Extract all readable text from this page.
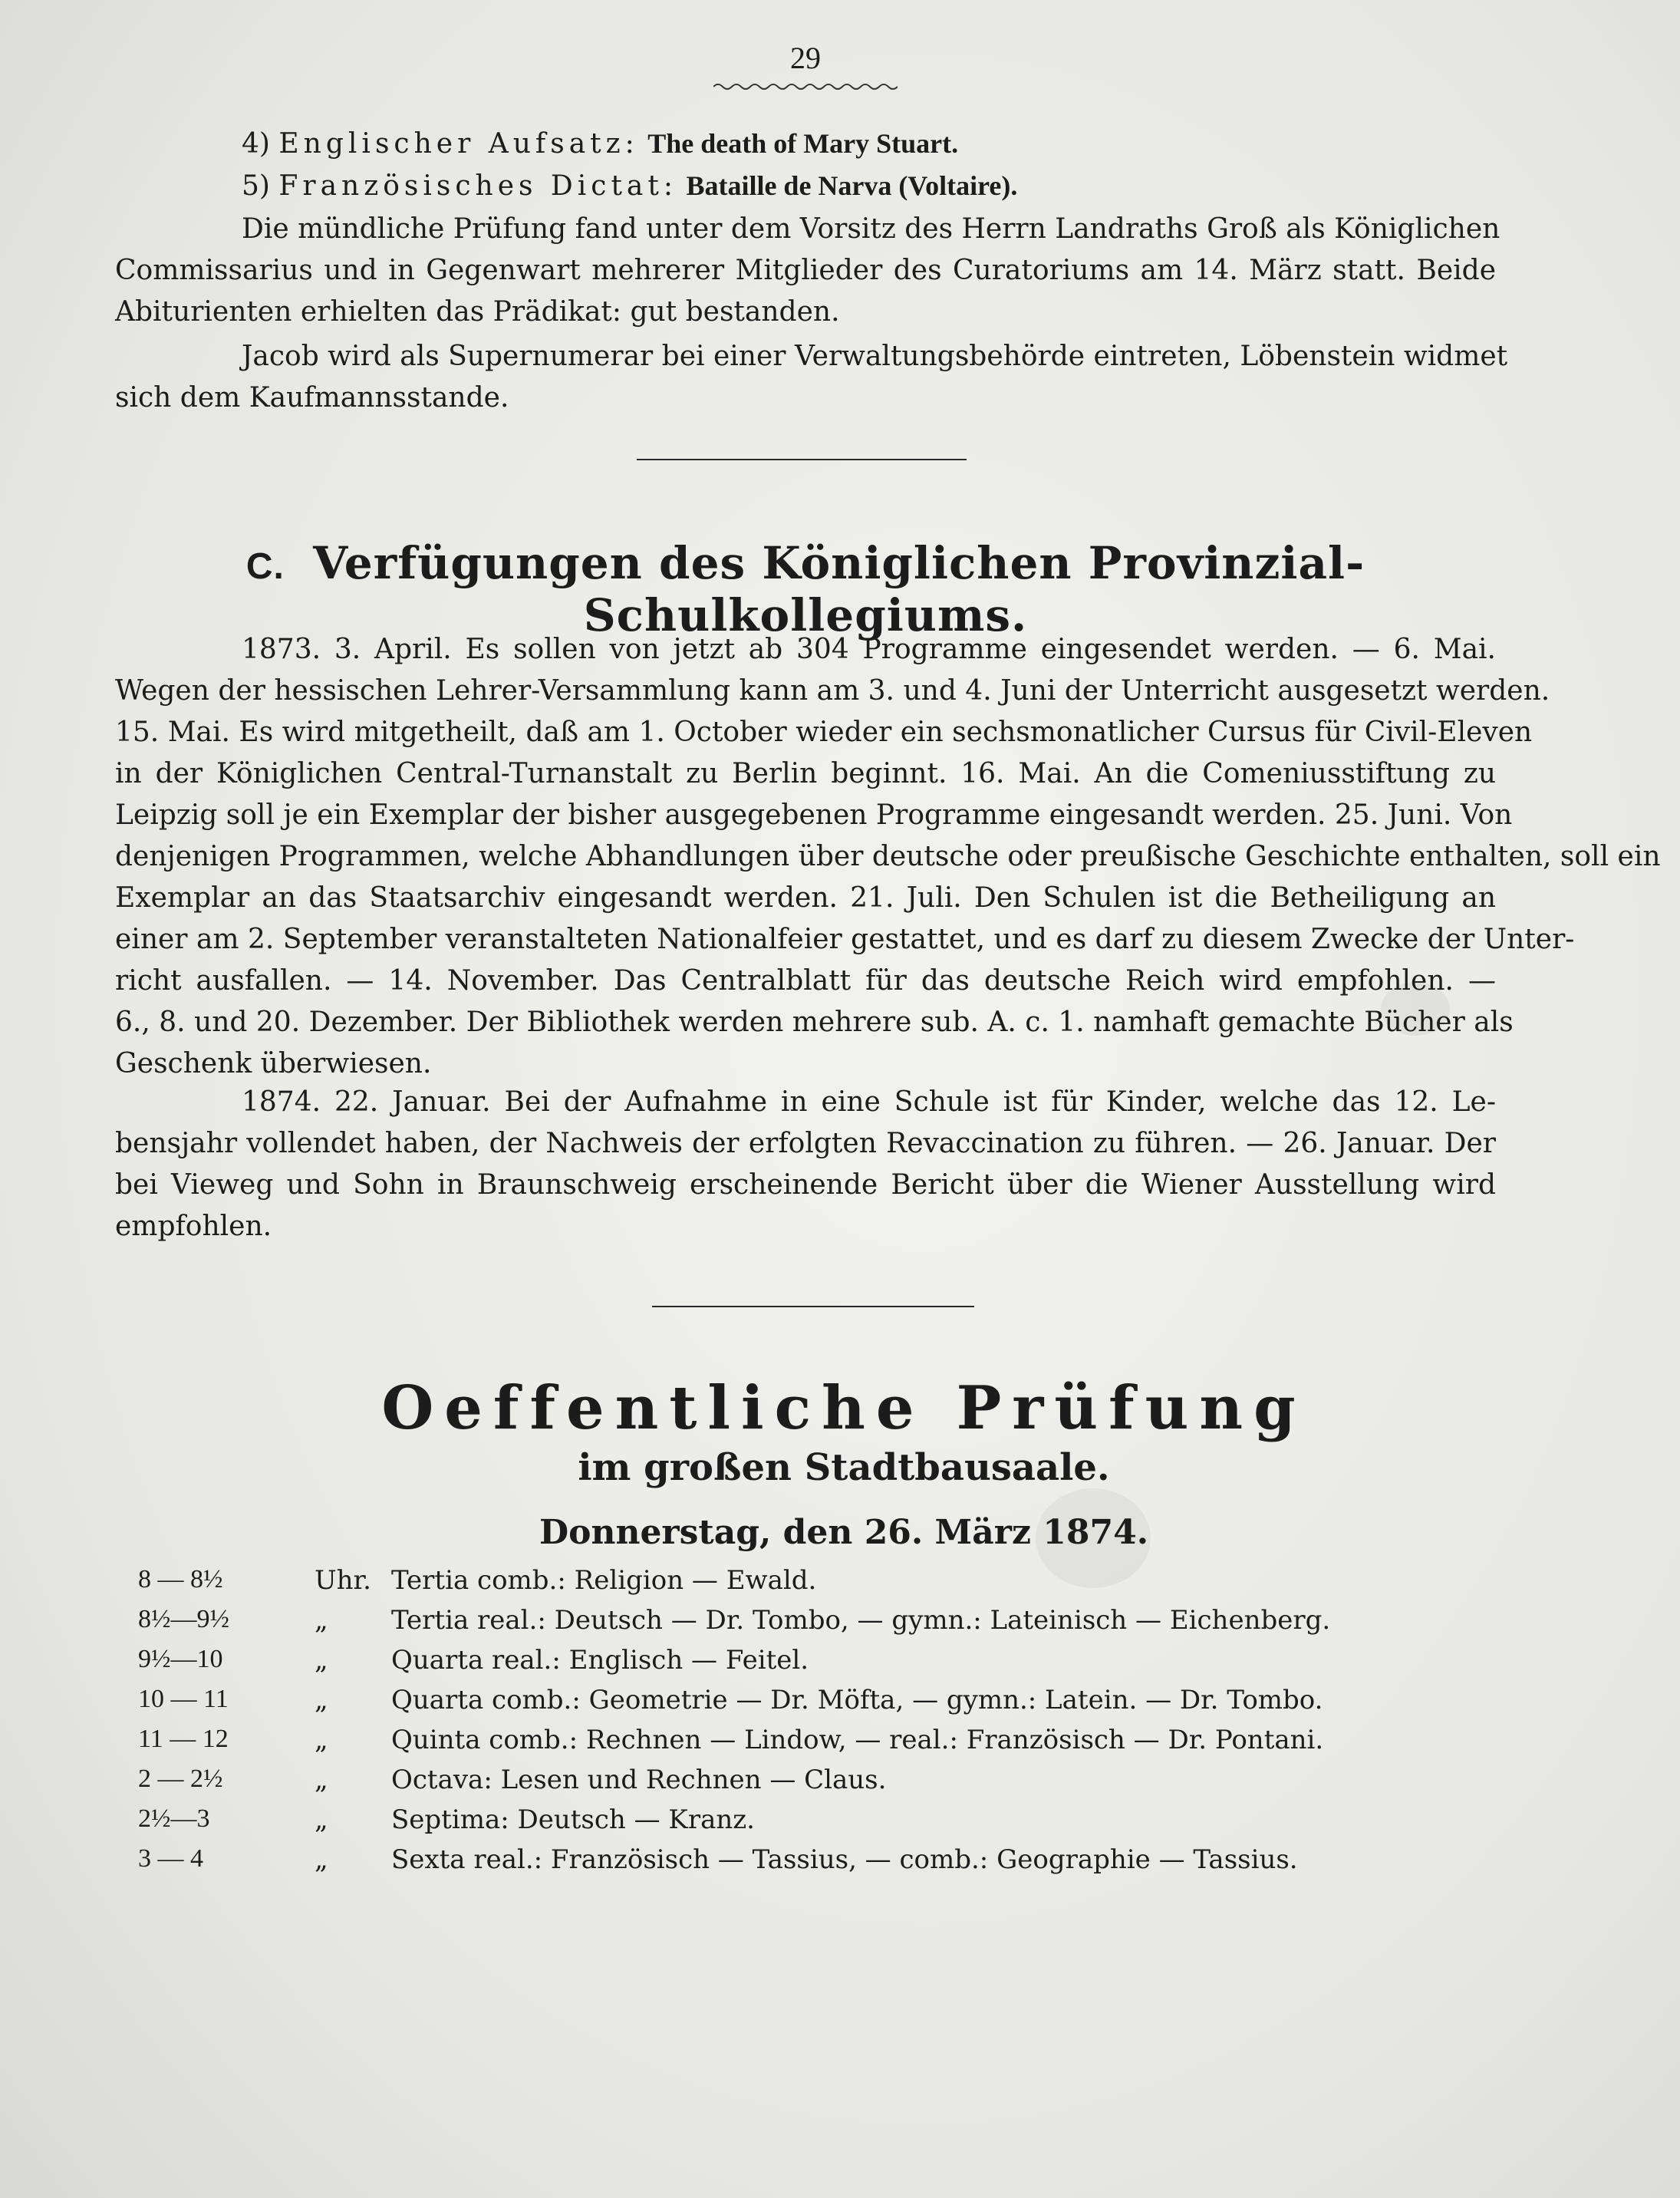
29
4) Englischer Aufsatz: The death of Mary Stuart.
5) Französisches Dictat: Bataille de Narva (Voltaire).
Die mündliche Prüfung fand unter dem Vorsitz des Herrn Landraths Groß als Königlichen
Commissarius und in Gegenwart mehrerer Mitglieder des Curatoriums am 14. März statt. Beide
Abiturienten erhielten das Prädikat: gut bestanden.
Jacob wird als Supernumerar bei einer Verwaltungsbehörde eintreten, Löbenstein widmet
sich dem Kaufmannsstande.
C. Verfügungen des Königlichen Provinzial-Schulkollegiums.
1873. 3. April. Es sollen von jetzt ab 304 Programme eingesendet werden. — 6. Mai.
Wegen der hessischen Lehrer-Versammlung kann am 3. und 4. Juni der Unterricht ausgesetzt werden.
15. Mai. Es wird mitgetheilt, daß am 1. October wieder ein sechsmonatlicher Cursus für Civil-Eleven
in der Königlichen Central-Turnanstalt zu Berlin beginnt. 16. Mai. An die Comeniusstiftung zu
Leipzig soll je ein Exemplar der bisher ausgegebenen Programme eingesandt werden. 25. Juni. Von
denjenigen Programmen, welche Abhandlungen über deutsche oder preußische Geschichte enthalten, soll ein
Exemplar an das Staatsarchiv eingesandt werden. 21. Juli. Den Schulen ist die Betheiligung an
einer am 2. September veranstalteten Nationalfeier gestattet, und es darf zu diesem Zwecke der Unter-
richt ausfallen. — 14. November. Das Centralblatt für das deutsche Reich wird empfohlen. —
6., 8. und 20. Dezember. Der Bibliothek werden mehrere sub. A. c. 1. namhaft gemachte Bücher als
Geschenk überwiesen.
1874. 22. Januar. Bei der Aufnahme in eine Schule ist für Kinder, welche das 12. Le-
bensjahr vollendet haben, der Nachweis der erfolgten Revaccination zu führen. — 26. Januar. Der
bei Vieweg und Sohn in Braunschweig erscheinende Bericht über die Wiener Ausstellung wird
empfohlen.
Oeffentliche Prüfung
im großen Stadtbausaale.
Donnerstag, den 26. März 1874.
8 — 8½	Uhr. Tertia comb.: Religion — Ewald.
8½—9½	„	Tertia real.: Deutsch — Dr. Tombo, — gymn.: Lateinisch — Eichenberg.
9½—10	„	Quarta real.: Englisch — Feitel.
10 — 11	„	Quarta comb.: Geometrie — Dr. Möfta, — gymn.: Latein. — Dr. Tombo.
11 — 12	„	Quinta comb.: Rechnen — Lindow, — real.: Französisch — Dr. Pontani.
2 — 2½	„	Octava: Lesen und Rechnen — Claus.
2½—3	„	Septima: Deutsch — Kranz.
3 — 4	„	Sexta real.: Französisch — Tassius, — comb.: Geographie — Tassius.
